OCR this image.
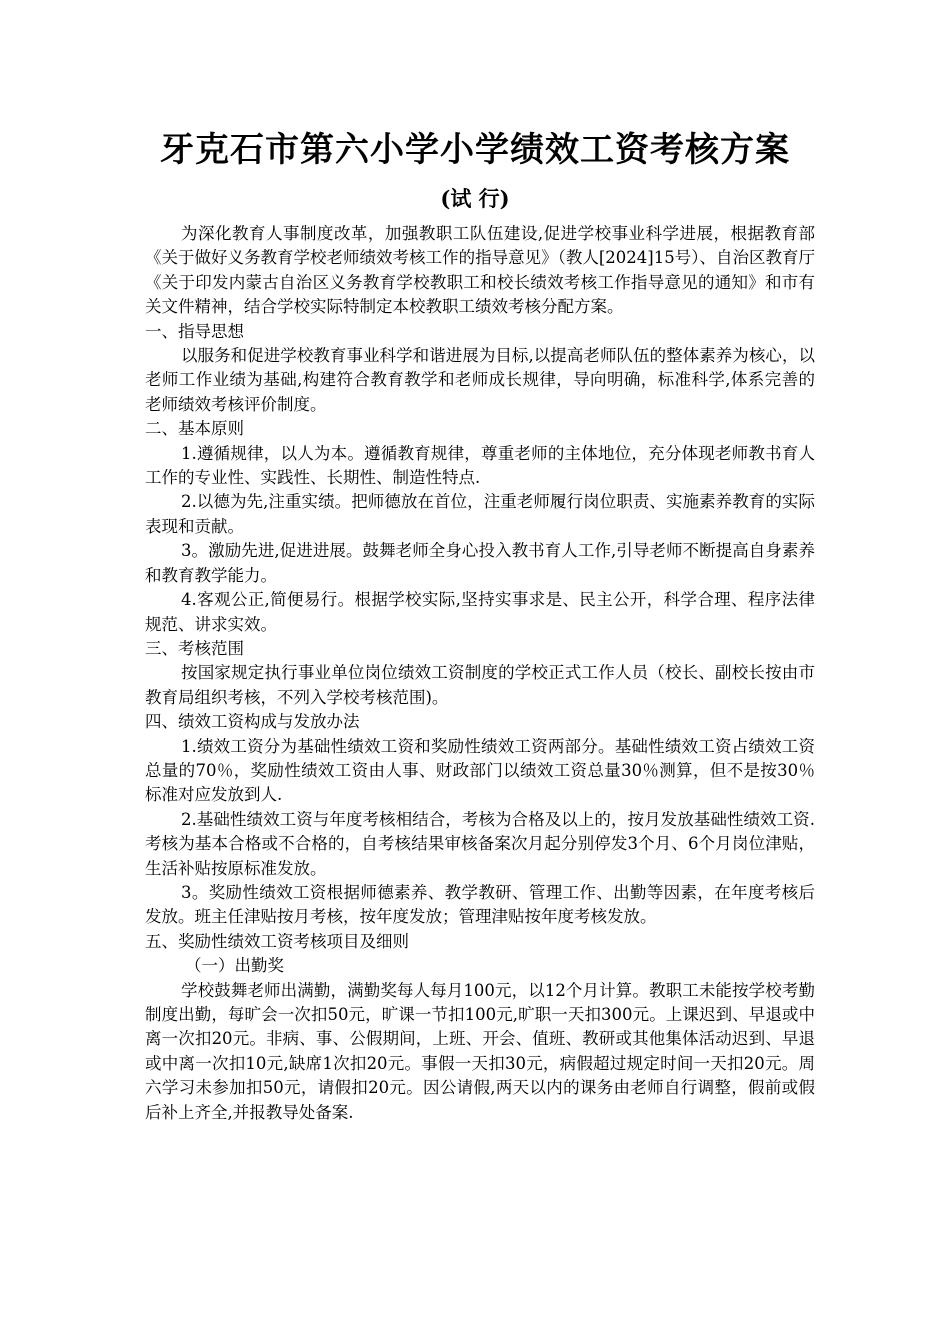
牙克石市第六小学小学绩效工资考核方案
(试 行)

为深化教育人事制度改革，加强教职工队伍建设,促进学校事业科学进展，根据教育部《关于做好义务教育学校老师绩效考核工作的指导意见》（教人[2024]15号）、自治区教育厅《关于印发内蒙古自治区义务教育学校教职工和校长绩效考核工作指导意见的通知》和市有关文件精神，结合学校实际特制定本校教职工绩效考核分配方案。

一、指导思想

以服务和促进学校教育事业科学和谐进展为目标,以提高老师队伍的整体素养为核心，以老师工作业绩为基础,构建符合教育教学和老师成长规律，导向明确，标准科学,体系完善的老师绩效考核评价制度。

二、基本原则

1.遵循规律，以人为本。遵循教育规律，尊重老师的主体地位，充分体现老师教书育人工作的专业性、实践性、长期性、制造性特点.

2.以德为先,注重实绩。把师德放在首位，注重老师履行岗位职责、实施素养教育的实际表现和贡献。

3。激励先进,促进进展。鼓舞老师全身心投入教书育人工作,引导老师不断提高自身素养和教育教学能力。

4.客观公正,简便易行。根据学校实际,坚持实事求是、民主公开，科学合理、程序法律规范、讲求实效。

三、考核范围

按国家规定执行事业单位岗位绩效工资制度的学校正式工作人员（校长、副校长按由市教育局组织考核，不列入学校考核范围)。

四、绩效工资构成与发放办法

1.绩效工资分为基础性绩效工资和奖励性绩效工资两部分。基础性绩效工资占绩效工资总量的70％，奖励性绩效工资由人事、财政部门以绩效工资总量30％测算，但不是按30％标准对应发放到人.

2.基础性绩效工资与年度考核相结合，考核为合格及以上的，按月发放基础性绩效工资.考核为基本合格或不合格的，自考核结果审核备案次月起分别停发3个月、6个月岗位津贴，生活补贴按原标准发放。

3。奖励性绩效工资根据师德素养、教学教研、管理工作、出勤等因素，在年度考核后发放。班主任津贴按月考核，按年度发放；管理津贴按年度考核发放。

五、奖励性绩效工资考核项目及细则

（一）出勤奖

学校鼓舞老师出满勤，满勤奖每人每月100元，以12个月计算。教职工未能按学校考勤制度出勤，每旷会一次扣50元，旷课一节扣100元,旷职一天扣300元。上课迟到、早退或中离一次扣20元。非病、事、公假期间，上班、开会、值班、教研或其他集体活动迟到、早退或中离一次扣10元,缺席1次扣20元。事假一天扣30元，病假超过规定时间一天扣20元。周六学习未参加扣50元，请假扣20元。因公请假,两天以内的课务由老师自行调整，假前或假后补上齐全,并报教导处备案.
